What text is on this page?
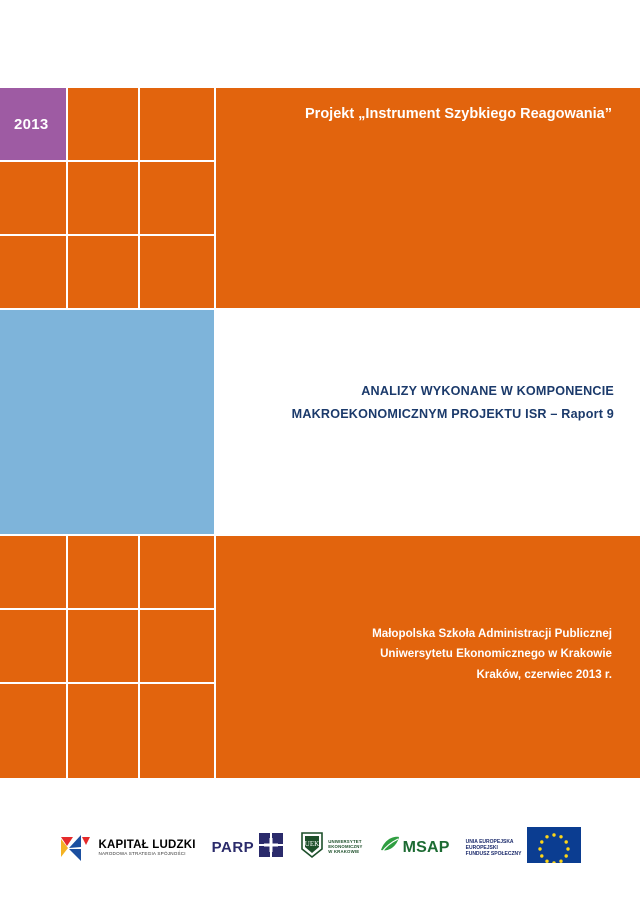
2013
Projekt „Instrument Szybkiego Reagowania”
ANALIZY WYKONANE W KOMPONENCIE
MAKROEKONOMICZNYM PROJEKTU ISR – Raport 9
Małopolska Szkoła Administracji Publicznej
Uniwersytetu Ekonomicznego w Krakowie
Kraków, czerwiec 2013 r.
KAPITAŁ LUDZKI
NARODOWA STRATEGIA SPÓJNOŚCI	PARP	UEK UNIWERSYTET
EKONOMICZNY
W KRAKOWIE	MSAP	UNIA EUROPEJSKA
EUROPEJSKI
FUNDUSZ SPOŁECZNY
